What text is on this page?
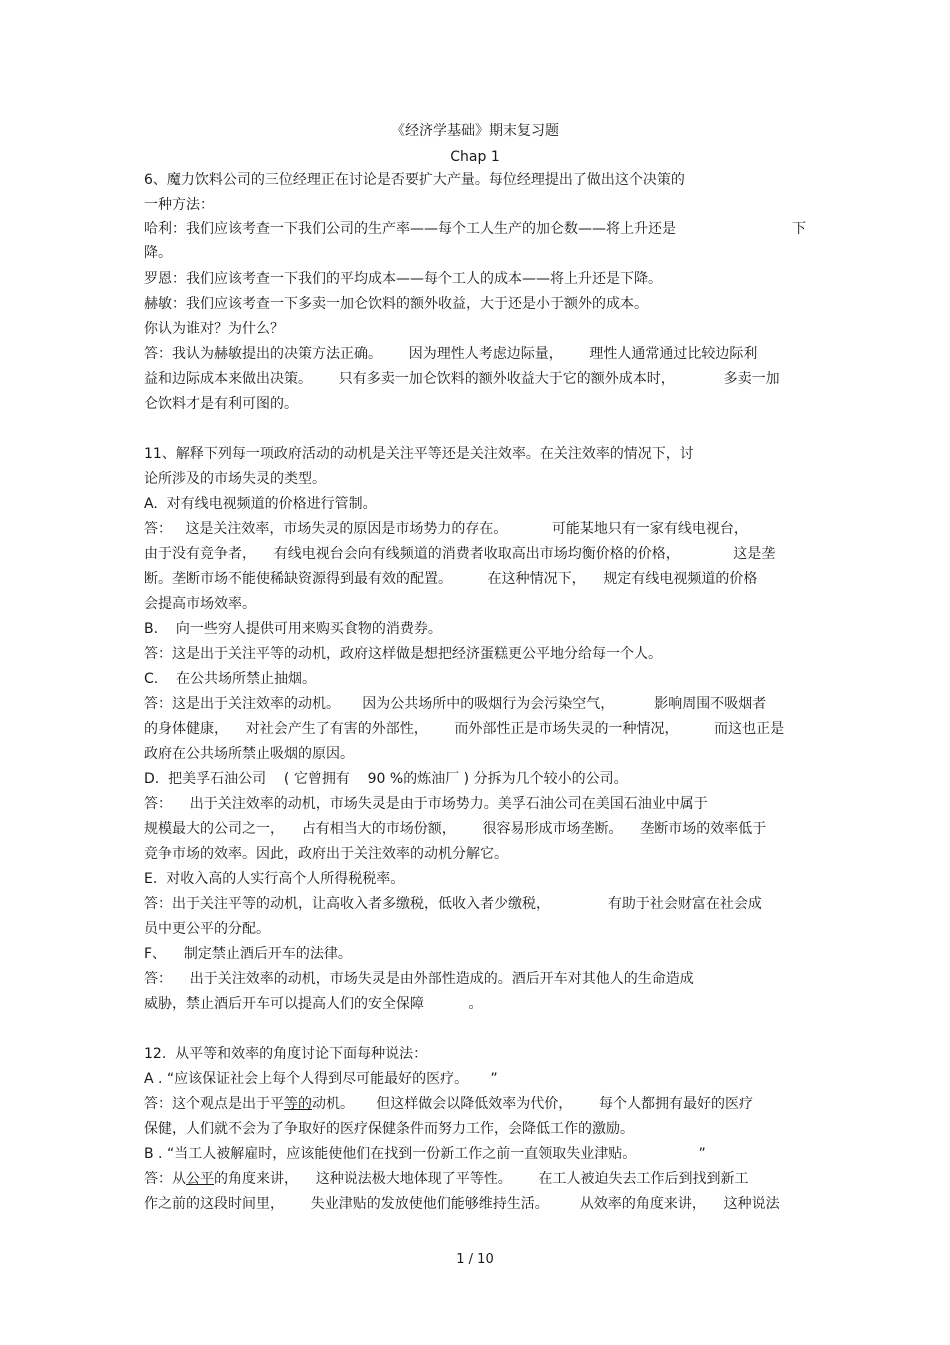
《经济学基础》期末复习题
Chap 1
6、魔力饮料公司的三位经理正在讨论是否要扩大产量。每位经理提出了做出这个决策的
一种方法：
哈利：我们应该考查一下我们公司的生产率——每个工人生产的加仑数——将上升还是	下
降。
罗恩：我们应该考查一下我们的平均成本——每个工人的成本——将上升还是下降。
赫敏：我们应该考查一下多卖一加仑饮料的额外收益，大于还是小于额外的成本。
你认为谁对？为什么？
答：我认为赫敏提出的决策方法正确。      因为理性人考虑边际量，      理性人通常通过比较边际利
益和边际成本来做出决策。      只有多卖一加仑饮料的额外收益大于它的额外成本时，           多卖一加
仑饮料才是有利可图的。
11、解释下列每一项政府活动的动机是关注平等还是关注效率。在关注效率的情况下，讨
论所涉及的市场失灵的类型。
A.  对有线电视频道的价格进行管制。
答：   这是关注效率，市场失灵的原因是市场势力的存在。          可能某地只有一家有线电视台，
由于没有竞争者，    有线电视台会向有线频道的消费者收取高出市场均衡价格的价格，            这是垄
断。垄断市场不能使稀缺资源得到最有效的配置。        在这种情况下，    规定有线电视频道的价格
会提高市场效率。
B.    向一些穷人提供可用来购买食物的消费券。
答：这是出于关注平等的动机，政府这样做是想把经济蛋糕更公平地分给每一个人。
C.    在公共场所禁止抽烟。
答：这是出于关注效率的动机。     因为公共场所中的吸烟行为会污染空气，         影响周围不吸烟者
的身体健康，    对社会产生了有害的外部性，      而外部性正是市场失灵的一种情况，        而这也正是
政府在公共场所禁止吸烟的原因。
D.  把美孚石油公司    ( 它曾拥有    90 %的炼油厂 ) 分拆为几个较小的公司。
答：    出于关注效率的动机，市场失灵是由于市场势力。美孚石油公司在美国石油业中属于
规模最大的公司之一，    占有相当大的市场份额，      很容易形成市场垄断。    垄断市场的效率低于
竞争市场的效率。因此，政府出于关注效率的动机分解它。
E.  对收入高的人实行高个人所得税税率。
答：出于关注平等的动机，让高收入者多缴税，低收入者少缴税，             有助于社会财富在社会成
员中更公平的分配。
F、    制定禁止酒后开车的法律。
答：    出于关注效率的动机，市场失灵是由外部性造成的。酒后开车对其他人的生命造成
威胁，禁止酒后开车可以提高人们的安全保障          。
12.  从平等和效率的角度讨论下面每种说法：
A . “应该保证社会上每个人得到尽可能最好的医疗。     ”
答：这个观点是出于平等的动机。     但这样做会以降低效率为代价，      每个人都拥有最好的医疗
保健，人们就不会为了争取好的医疗保健条件而努力工作，会降低工作的激励。
B . “当工人被解雇时，应该能使他们在找到一份新工作之前一直领取失业津贴。              ”
答：从公平的角度来讲，    这种说法极大地体现了平等性。      在工人被迫失去工作后到找到新工
作之前的这段时间里，      失业津贴的发放使他们能够维持生活。       从效率的角度来讲，    这种说法
1 / 10
